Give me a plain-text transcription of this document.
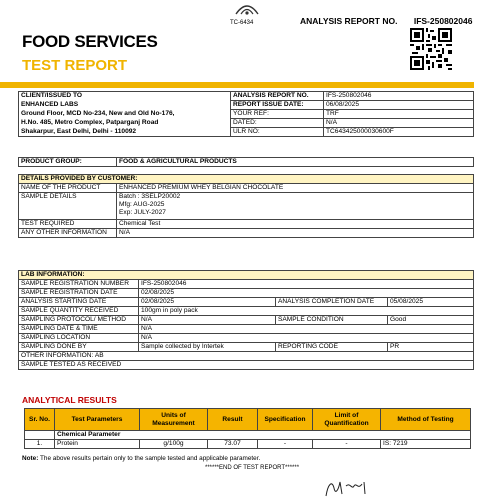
TC-6434	ANALYSIS REPORT NO. IFS-250802046
FOOD SERVICES
TEST REPORT
CLIENT/ISSUED TO	ANALYSIS REPORT NO.	IFS-250802046
ENHANCED LABS	REPORT ISSUE DATE:	06/08/2025
Ground Floor, MCD No-234, New and Old No-176,	YOUR REF:	TRF
H.No. 485, Metro Complex, Patparganj Road	DATED:	N/A
Shakarpur, East Delhi, Delhi - 110092	ULR NO:	TC643425000030600F
PRODUCT GROUP:	FOOD & AGRICULTURAL PRODUCTS
DETAILS PROVIDED BY CUSTOMER:	
NAME OF THE PRODUCT	ENHANCED PREMIUM WHEY BELGIAN CHOCOLATE
SAMPLE DETAILS	Batch : 3SELP20002
Mfg: AUG-2025
Exp: JULY-2027

TEST REQUIRED	Chemical Test
ANY OTHER INFORMATION	N/A
LAB INFORMATION:			
SAMPLE REGISTRATION NUMBER	IFS-250802046		
SAMPLE REGISTRATION DATE	02/08/2025		
ANALYSIS STARTING DATE	02/08/2025	ANALYSIS COMPLETION DATE	05/08/2025
SAMPLE QUANTITY RECEIVED	100gm in poly pack		
SAMPLING PROTOCOL/ METHOD	N/A	SAMPLE CONDITION	Good
SAMPLING DATE & TIME	N/A		
SAMPLING LOCATION	N/A		
SAMPLING DONE BY	Sample collected by Intertek	REPORTING CODE	PR
OTHER INFORMATION: AB			
SAMPLE TESTED AS RECEIVED			
ANALYTICAL RESULTS
Sr. No.	Test Parameters	Units of Measurement	Result	Specification	Limit of Quantification	Method of Testing
	Chemical Parameter					
1.	Protein	g/100g	73.07	-	-	IS: 7219
Note: The above results pertain only to the sample tested and applicable parameter.
******END OF TEST REPORT******
